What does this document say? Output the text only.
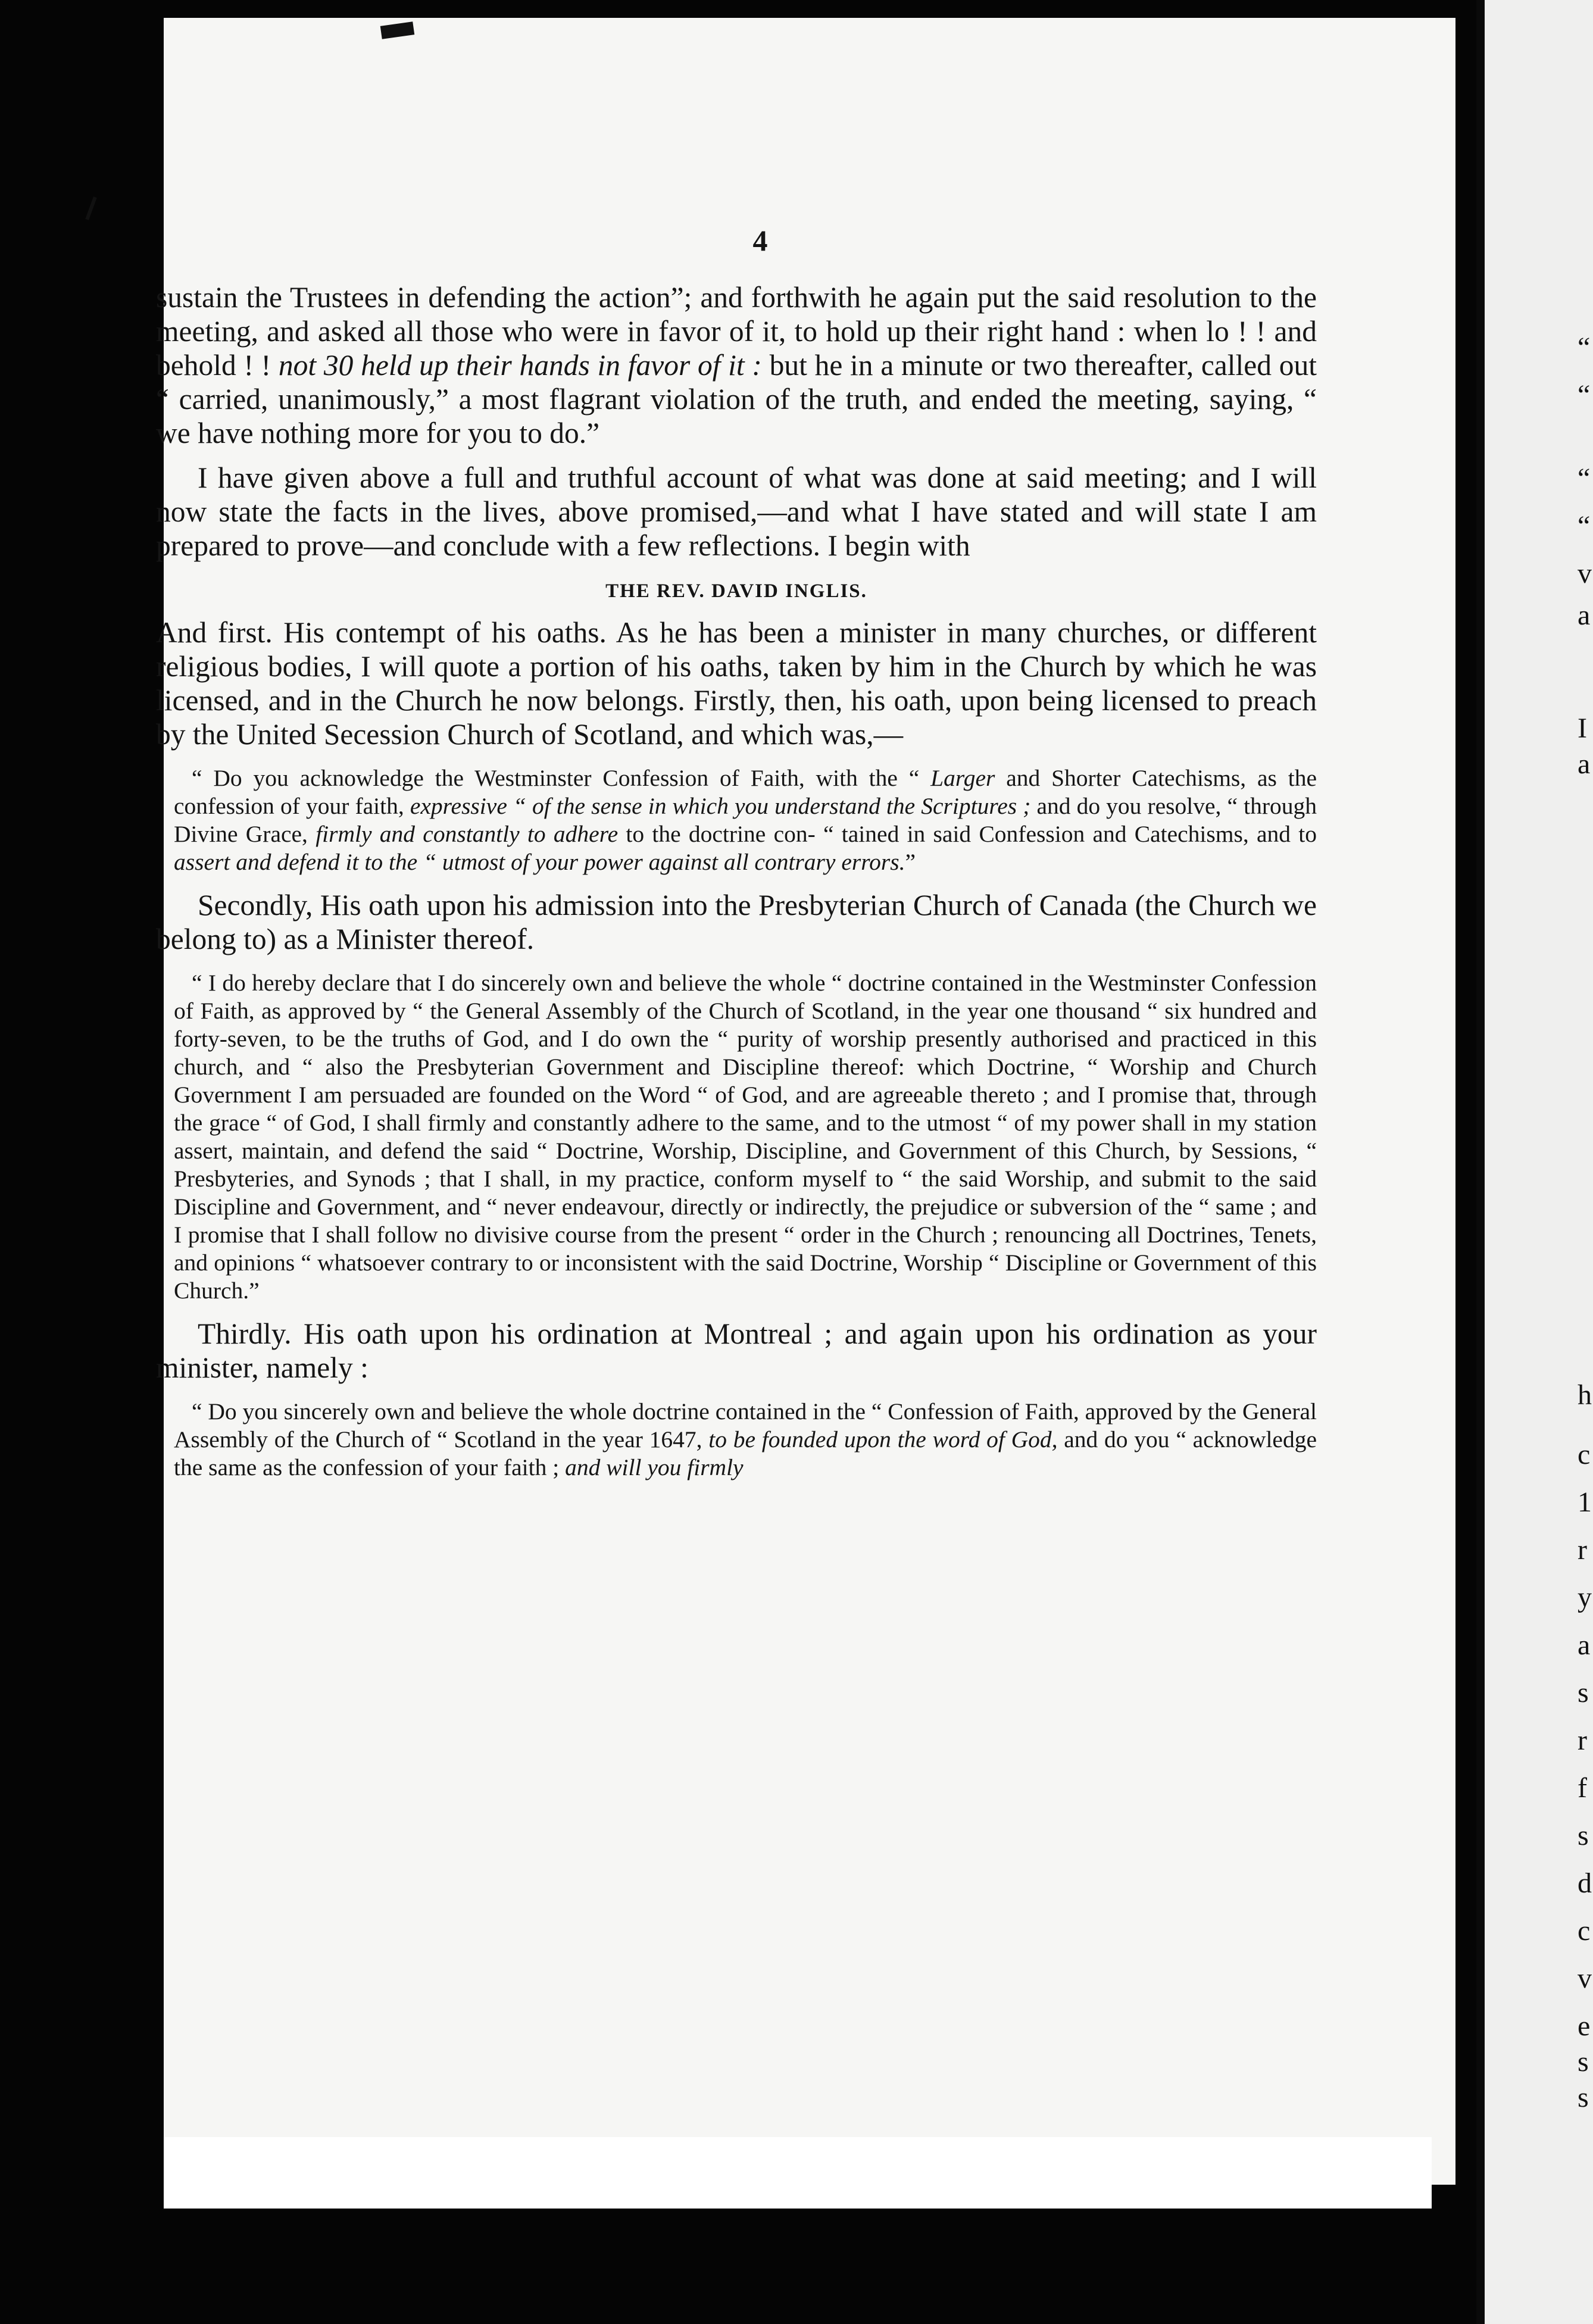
“
“
“
“
v
a
I
a
h
c
1
r
y
a
s
r
f
s
d
c
v
e
s
s
4

sustain the Trustees in defending the action”; and forthwith he again put the said resolution to the meeting, and asked all those who were in favor of it, to hold up their right hand : when lo ! ! and behold ! ! not 30 held up their hands in favor of it : but he in a minute or two thereafter, called out “ carried, unanimously,” a most flagrant violation of the truth, and ended the meeting, saying, “ we have nothing more for you to do.”

I have given above a full and truthful account of what was done at said meeting; and I will now state the facts in the lives, above promised,—and what I have stated and will state I am prepared to prove—and conclude with a few reflections. I begin with

THE REV. DAVID INGLIS.

And first. His contempt of his oaths. As he has been a minister in many churches, or different religious bodies, I will quote a portion of his oaths, taken by him in the Church by which he was licensed, and in the Church he now belongs. Firstly, then, his oath, upon being licensed to preach by the United Secession Church of Scotland, and which was,—

“ Do you acknowledge the Westminster Confession of Faith, with the “ Larger and Shorter Catechisms, as the confession of your faith, expressive “ of the sense in which you understand the Scriptures ; and do you resolve, “ through Divine Grace, firmly and constantly to adhere to the doctrine con- “ tained in said Confession and Catechisms, and to assert and defend it to the “ utmost of your power against all contrary errors.”

Secondly, His oath upon his admission into the Presbyterian Church of Canada (the Church we belong to) as a Minister thereof.

“ I do hereby declare that I do sincerely own and believe the whole “ doctrine contained in the Westminster Confession of Faith, as approved by “ the General Assembly of the Church of Scotland, in the year one thousand “ six hundred and forty-seven, to be the truths of God, and I do own the “ purity of worship presently authorised and practiced in this church, and “ also the Presbyterian Government and Discipline thereof: which Doctrine, “ Worship and Church Government I am persuaded are founded on the Word “ of God, and are agreeable thereto ; and I promise that, through the grace “ of God, I shall firmly and constantly adhere to the same, and to the utmost “ of my power shall in my station assert, maintain, and defend the said “ Doctrine, Worship, Discipline, and Government of this Church, by Sessions, “ Presbyteries, and Synods ; that I shall, in my practice, conform myself to “ the said Worship, and submit to the said Discipline and Government, and “ never endeavour, directly or indirectly, the prejudice or subversion of the “ same ; and I promise that I shall follow no divisive course from the present “ order in the Church ; renouncing all Doctrines, Tenets, and opinions “ whatsoever contrary to or inconsistent with the said Doctrine, Worship “ Discipline or Government of this Church.”

Thirdly. His oath upon his ordination at Montreal ; and again upon his ordination as your minister, namely :

“ Do you sincerely own and believe the whole doctrine contained in the “ Confession of Faith, approved by the General Assembly of the Church of “ Scotland in the year 1647, to be founded upon the word of God, and do you “ acknowledge the same as the confession of your faith ; and will you firmly
